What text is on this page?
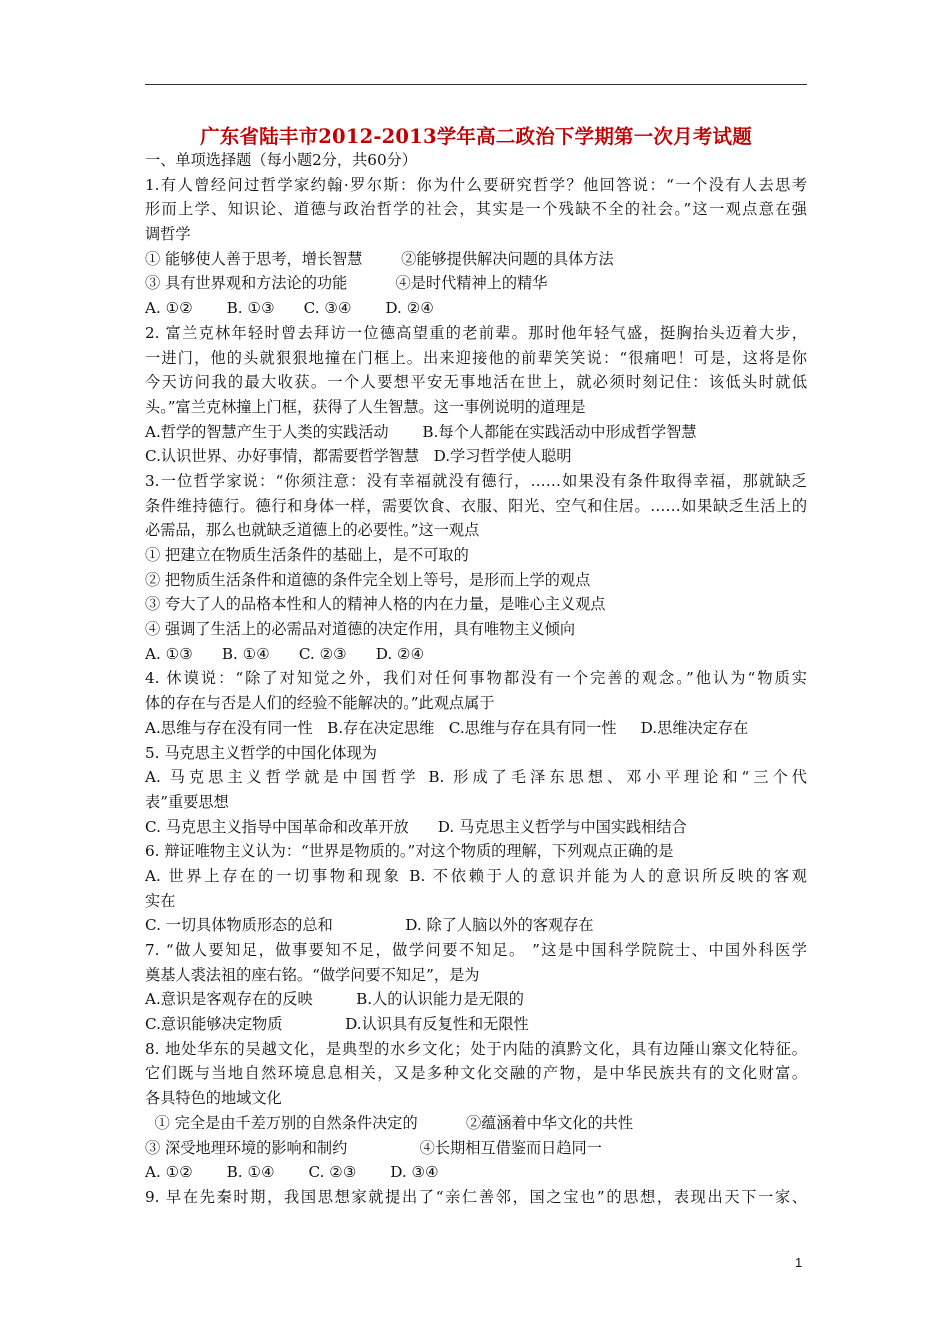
广东省陆丰市2012-2013学年高二政治下学期第一次月考试题
一、单项选择题（每小题2分，共60分）
1.有人曾经问过哲学家约翰·罗尔斯：你为什么要研究哲学？他回答说：“一个没有人去思考
形而上学、知识论、道德与政治哲学的社会，其实是一个残缺不全的社会。”这一观点意在强
调哲学
① 能够使人善于思考，增长智慧        ②能够提供解决问题的具体方法
③ 具有世界观和方法论的功能          ④是时代精神上的精华
A. ①②       B. ①③      C. ③④       D. ②④
2. 富兰克林年轻时曾去拜访一位德高望重的老前辈。那时他年轻气盛，挺胸抬头迈着大步，
一进门，他的头就狠狠地撞在门框上。出来迎接他的前辈笑笑说：“很痛吧！可是，这将是你
今天访问我的最大收获。一个人要想平安无事地活在世上，就必须时刻记住：该低头时就低
头。”富兰克林撞上门框，获得了人生智慧。这一事例说明的道理是
A.哲学的智慧产生于人类的实践活动       B.每个人都能在实践活动中形成哲学智慧
C.认识世界、办好事情，都需要哲学智慧   D.学习哲学使人聪明
3.一位哲学家说：“你须注意：没有幸福就没有德行，……如果没有条件取得幸福，那就缺乏
条件维持德行。德行和身体一样，需要饮食、衣服、阳光、空气和住居。……如果缺乏生活上的
必需品，那么也就缺乏道德上的必要性。”这一观点
① 把建立在物质生活条件的基础上，是不可取的
② 把物质生活条件和道德的条件完全划上等号，是形而上学的观点
③ 夸大了人的品格本性和人的精神人格的内在力量，是唯心主义观点
④ 强调了生活上的必需品对道德的决定作用，具有唯物主义倾向
A. ①③      B. ①④      C. ②③      D. ②④
4. 休谟说：“除了对知觉之外，我们对任何事物都没有一个完善的观念。”他认为“物质实
体的存在与否是人们的经验不能解决的。”此观点属于
A.思维与存在没有同一性   B.存在决定思维   C.思维与存在具有同一性     D.思维决定存在
5. 马克思主义哲学的中国化体现为
A. 马克思主义哲学就是中国哲学 B. 形成了毛泽东思想、邓小平理论和“三个代
表”重要思想
C. 马克思主义指导中国革命和改革开放      D. 马克思主义哲学与中国实践相结合
6. 辩证唯物主义认为：“世界是物质的。”对这个物质的理解，下列观点正确的是
A. 世界上存在的一切事物和现象 B. 不依赖于人的意识并能为人的意识所反映的客观
实在
C. 一切具体物质形态的总和               D. 除了人脑以外的客观存在
7. “做人要知足，做事要知不足，做学问要不知足。 ”这是中国科学院院士、中国外科医学
奠基人裘法祖的座右铭。“做学问要不知足”，是为
A.意识是客观存在的反映         B.人的认识能力是无限的
C.意识能够决定物质             D.认识具有反复性和无限性
8. 地处华东的吴越文化，是典型的水乡文化；处于内陆的滇黔文化，具有边陲山寨文化特征。
它们既与当地自然环境息息相关，又是多种文化交融的产物，是中华民族共有的文化财富。
各具特色的地域文化
① 完全是由千差万别的自然条件决定的          ②蕴涵着中华文化的共性
③ 深受地理环境的影响和制约               ④长期相互借鉴而日趋同一
A. ①②       B. ①④       C. ②③       D. ③④
9. 早在先秦时期，我国思想家就提出了“亲仁善邻，国之宝也”的思想，表现出天下一家、
1
